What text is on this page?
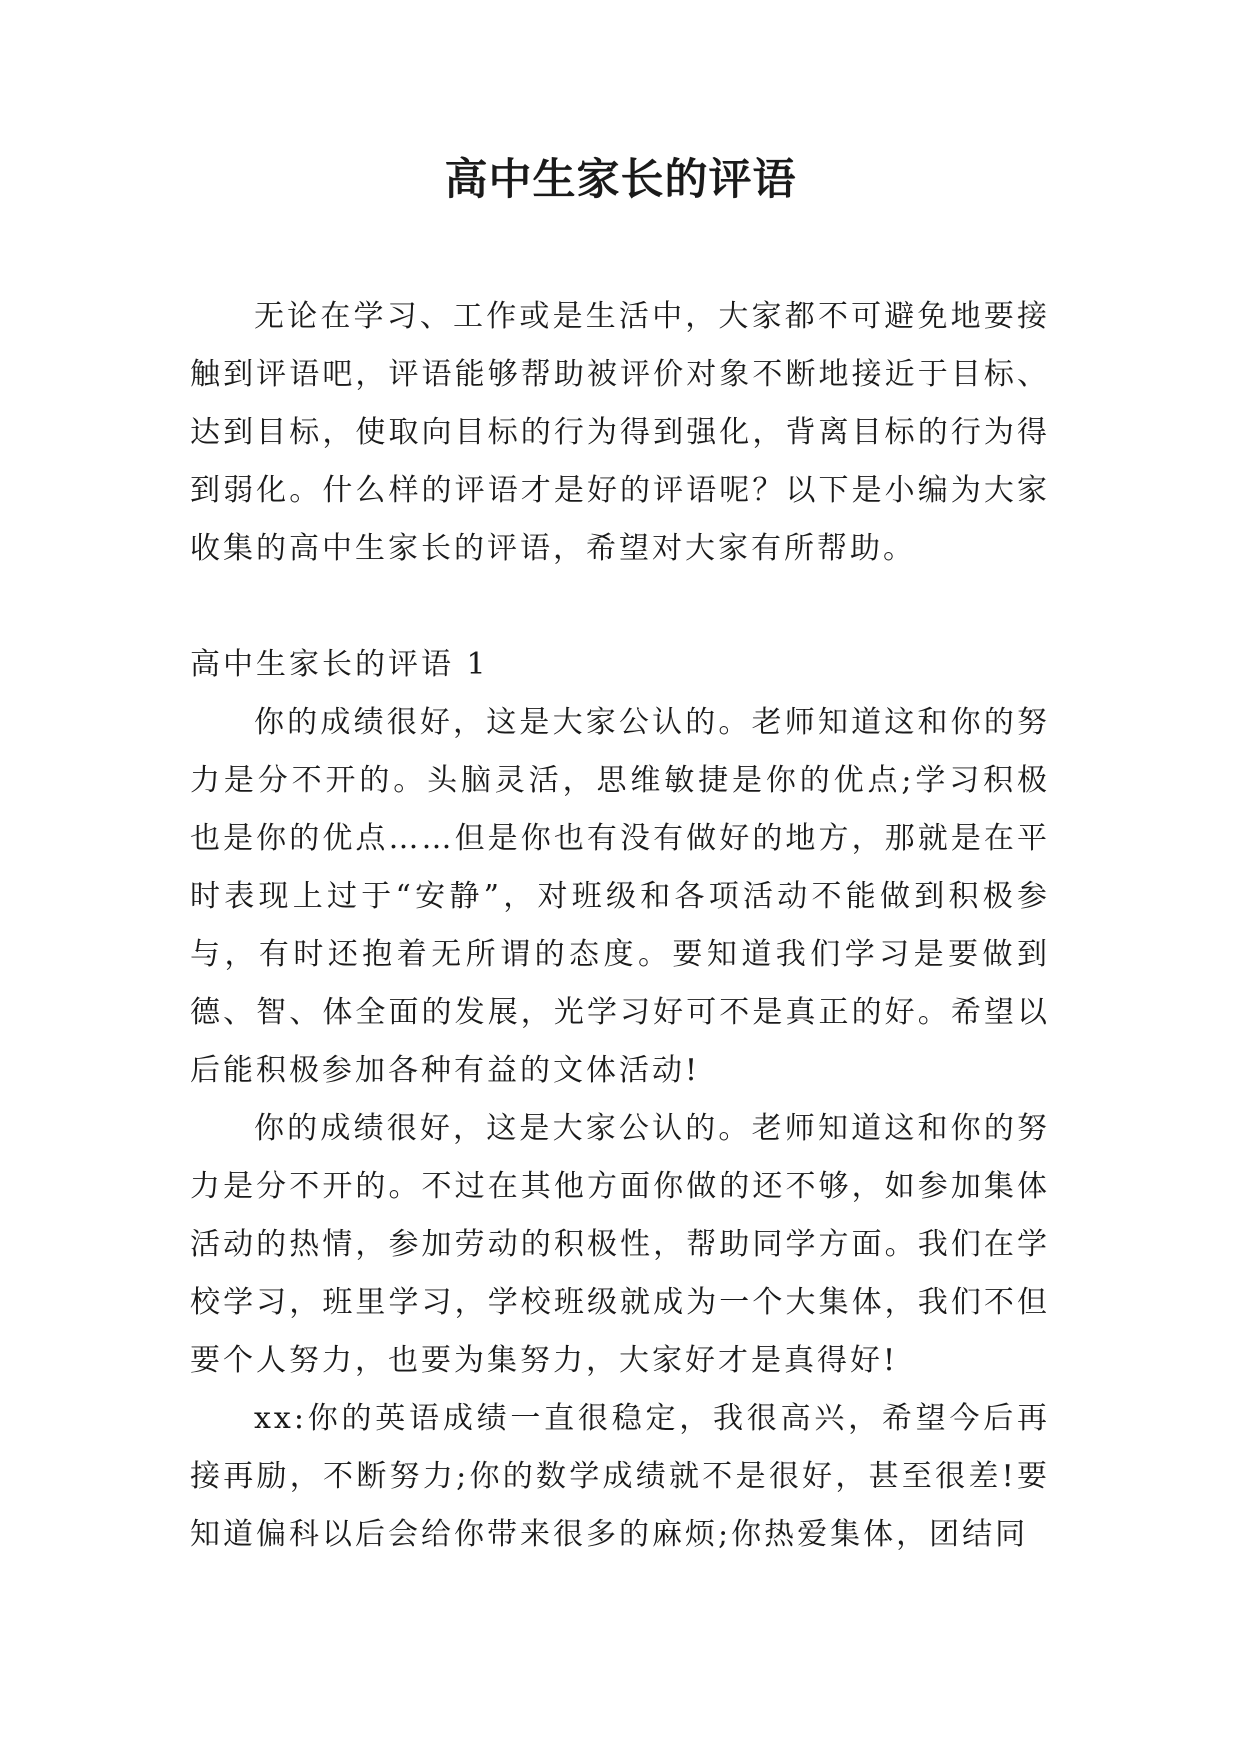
高中生家长的评语

无论在学习、工作或是生活中，大家都不可避免地要接触到评语吧，评语能够帮助被评价对象不断地接近于目标、达到目标，使取向目标的行为得到强化，背离目标的行为得到弱化。什么样的评语才是好的评语呢？以下是小编为大家收集的高中生家长的评语，希望对大家有所帮助。

高中生家长的评语 1

你的成绩很好，这是大家公认的。老师知道这和你的努力是分不开的。头脑灵活，思维敏捷是你的优点;学习积极也是你的优点……但是你也有没有做好的地方，那就是在平时表现上过于“安静”，对班级和各项活动不能做到积极参与，有时还抱着无所谓的态度。要知道我们学习是要做到德、智、体全面的发展，光学习好可不是真正的好。希望以后能积极参加各种有益的文体活动!

你的成绩很好，这是大家公认的。老师知道这和你的努力是分不开的。不过在其他方面你做的还不够，如参加集体活动的热情，参加劳动的积极性，帮助同学方面。我们在学校学习，班里学习，学校班级就成为一个大集体，我们不但要个人努力，也要为集努力，大家好才是真得好!

xx:你的英语成绩一直很稳定，我很高兴，希望今后再接再励，不断努力;你的数学成绩就不是很好，甚至很差!要知道偏科以后会给你带来很多的麻烦;你热爱集体，团结同
